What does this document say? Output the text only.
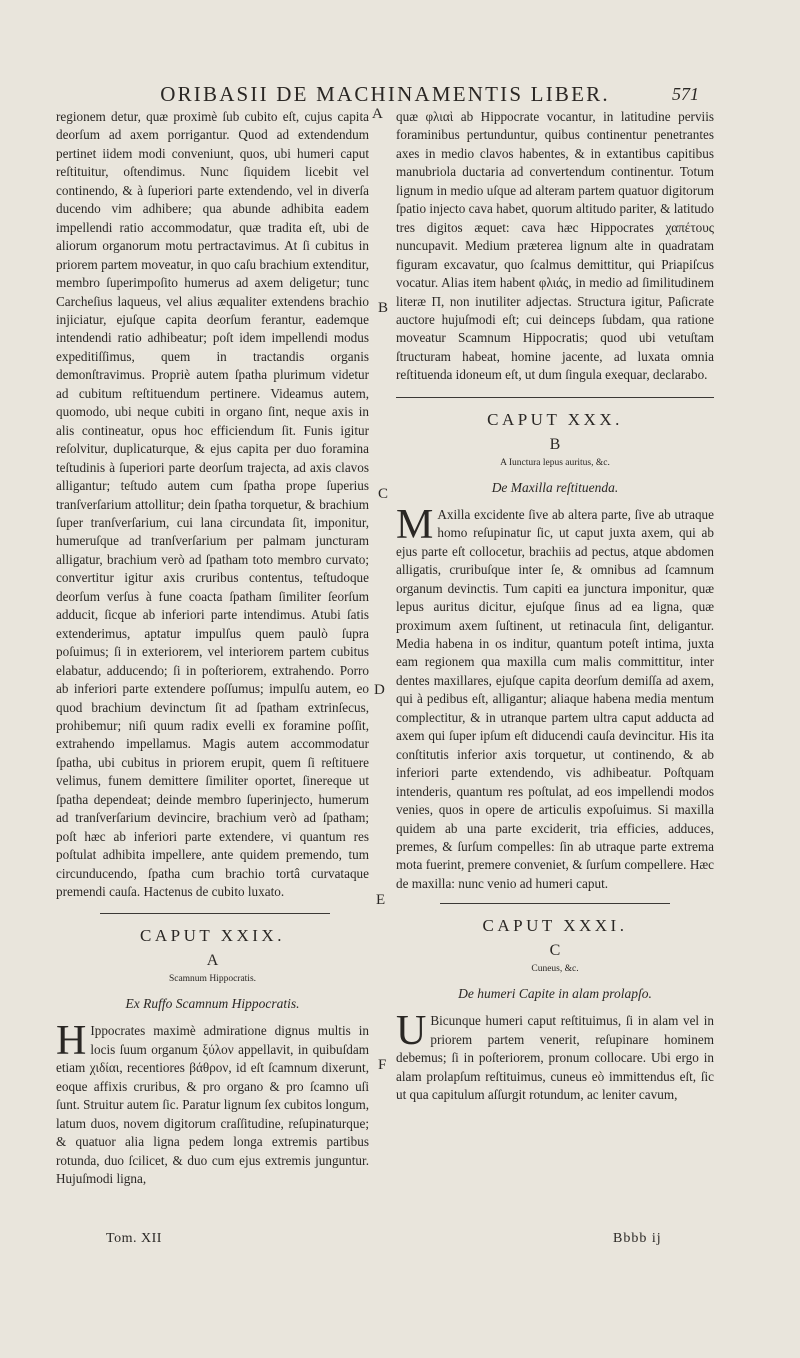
ORIBASII DE MACHINAMENTIS LIBER.	571

regionem detur, quæ proximè ſub cubito eſt, cujus capita deorſum ad axem porrigantur. Quod ad extendendum pertinet iidem modi conveniunt, quos, ubi humeri caput reſtituitur, oſtendimus. Nunc ſiquidem licebit vel continendo, & à ſuperiori parte extendendo, vel in diverſa ducendo vim adhibere; qua abunde adhibita eadem impellendi ratio accommodatur, quæ tradita eſt, ubi de aliorum organorum motu pertractavimus. At ſi cubitus in priorem partem moveatur, in quo caſu brachium extenditur, membro ſuperimpoſito humerus ad axem deligetur; tunc Carcheſius laqueus, vel alius æqualiter extendens brachio injiciatur, ejuſque capita deorſum ferantur, eademque intendendi ratio adhibeatur; poſt idem impellendi modus expeditiſſimus, quem in tractandis organis demonſtravimus. Propriè autem ſpatha plurimum videtur ad cubitum reſtituendum pertinere. Videamus autem, quomodo, ubi neque cubiti in organo ſint, neque axis in alis contineatur, opus hoc efficiendum ſit. Funis igitur reſolvitur, duplicaturque, & ejus capita per duo foramina teſtudinis à ſuperiori parte deorſum trajecta, ad axis clavos alligantur; teſtudo autem cum ſpatha prope ſuperius tranſverſarium attollitur; dein ſpatha torquetur, & brachium ſuper tranſverſarium, cui lana circundata ſit, imponitur, humeruſque ad tranſverſarium per palmam juncturam alligatur, brachium verò ad ſpatham toto membro curvato; convertitur igitur axis cruribus contentus, teſtudoque deorſum verſus à fune coacta ſpatham ſimiliter ſeorſum adducit, ſicque ab inferiori parte intendimus. Atubi ſatis extenderimus, aptatur impulſus quem paulò ſupra poſuimus; ſi in exteriorem, vel interiorem partem cubitus elabatur, adducendo; ſi in poſteriorem, extrahendo. Porro ab inferiori parte extendere poſſumus; impulſu autem, eo quod brachium devinctum ſit ad ſpatham extrinſecus, prohibemur; niſi quum radix evelli ex foramine poſſit, extrahendo impellamus. Magis autem accommodatur ſpatha, ubi cubitus in priorem erupit, quem ſi reſtituere velimus, funem demittere ſimiliter oportet, ſinereque ut ſpatha dependeat; deinde membro ſuperinjecto, humerum ad tranſverſarium devincire, brachium verò ad ſpatham; poſt hæc ab inferiori parte extendere, vi quantum res poſtulat adhibita impellere, ante quidem premendo, tum circunducendo, ſpatha cum brachio tortâ curvataque premendi cauſa. Hactenus de cubito luxato.

CAPUT XXIX.
A
Scamnum Hippocratis.
Ex Ruffo Scamnum Hippocratis.

H Ippocrates maximè admiratione dignus multis in locis ſuum organum ξύλον appellavit, in quibuſdam etiam χιδίαι, recentiores βάθρον, id eſt ſcamnum dixerunt, eoque affixis cruribus, & pro organo & pro ſcamno uſi ſunt. Struitur autem ſic. Paratur lignum ſex cubitos longum, latum duos, novem digitorum craſſitudine, reſupinaturque; & quatuor alia ligna pedem longa extremis partibus rotunda, duo ſcilicet, & duo cum ejus extremis junguntur. Hujuſmodi ligna,

quæ φλιαὶ ab Hippocrate vocantur, in latitudine perviis foraminibus pertunduntur, quibus continentur penetrantes axes in medio clavos habentes, & in extantibus capitibus manubriola ductaria ad convertendum continentur. Totum lignum in medio uſque ad alteram partem quatuor digitorum ſpatio injecto cava habet, quorum altitudo pariter, & latitudo tres digitos æquet: cava hæc Hippocrates χαπέτους nuncupavit. Medium prætereа lignum alte in quadratam figuram excavatur, quo ſcalmus demittitur, qui Priapiſcus vocatur. Alias item habent φλιάς, in medio ad ſimilitudinem literæ Π, non inutiliter adjectas. Structura igitur, Paſicrate auctore hujuſmodi eſt; cui deinceps ſubdam, qua ratione moveatur Scamnum Hippocratis; quod ubi vetuſtam ſtructuram habeat, homine jacente, ad luxata omnia reſtituenda idoneum eſt, ut dum ſingula exequar, declarabo.

CAPUT XXX.
B
A Iunctura lepus auritus, &c.
De Maxilla reſtituenda.

M Axilla excidente ſive ab altera parte, ſive ab utraque homo reſupinatur ſic, ut caput juxta axem, qui ab ejus parte eſt collocetur, brachiis ad pectus, atque abdomen alligatis, cruribuſque inter ſe, & omnibus ad ſcamnum organum devinctis. Tum capiti ea junctura imponitur, quæ lepus auritus dicitur, ejuſque ſinus ad ea ligna, quæ proximum axem ſuſtinent, ut retinacula ſint, deligantur. Media habena in os inditur, quantum poteſt intima, juxta eam regionem qua maxilla cum malis committitur, inter dentes maxillares, ejuſque capita deorſum demiſſa ad axem, qui à pedibus eſt, alligantur; aliaque habena media mentum complectitur, & in utranque partem ultra caput adducta ad axem qui ſuper ipſum eſt diducendi cauſa devincitur. His ita conſtitutis inferior axis torquetur, ut continendo, & ab inferiori parte extendendo, vis adhibeatur. Poſtquam intenderis, quantum res poſtulat, ad eos impellendi modos venies, quos in opere de articulis expoſuimus. Si maxilla quidem ab una parte exciderit, tria efficies, adduces, premes, & ſurſum compelles: ſin ab utraque parte extrema mota fuerint, premere conveniet, & ſurſum compellere. Hæc de maxilla: nunc venio ad humeri caput.

CAPUT XXXI.
C
Cuneus, &c.
De humeri Capite in alam prolapſo.

U Bicunque humeri caput reſtituimus, ſi in alam vel in priorem partem venerit, reſupinare hominem debemus; ſi in poſteriorem, pronum collocare. Ubi ergo in alam prolapſum reſtituimus, cuneus eò immittendus eſt, ſic ut qua capitulum aſſurgit rotundum, ac leniter cavum,

A
B
C
D
E
F
Tom. XII	Bbbb ij
